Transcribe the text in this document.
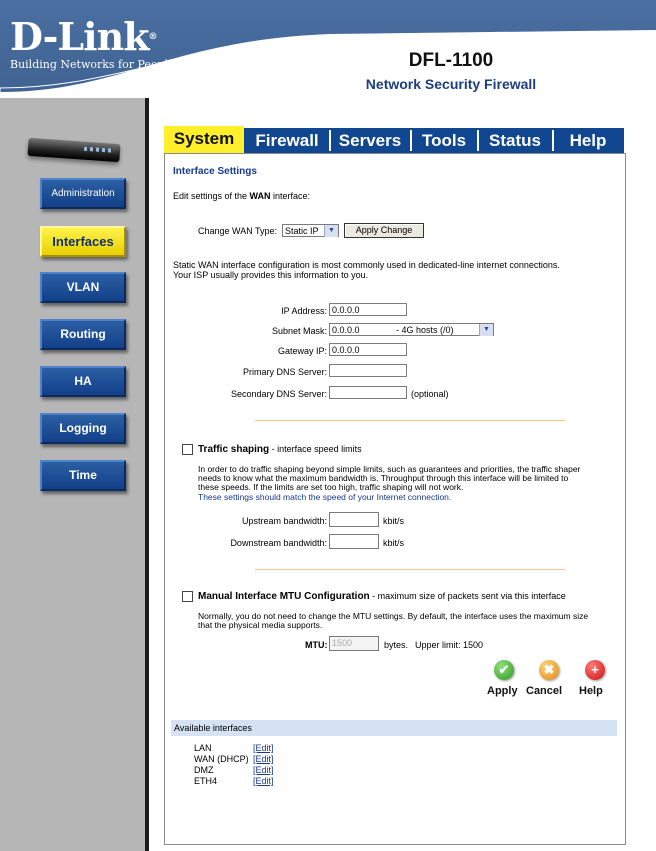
D-Link®
Building Networks for People	DFL-1100
Network Security Firewall
Administration
Interfaces
VLAN
Routing
HA
Logging
Time
System	Firewall	Servers	Tools	Status	Help
Interface Settings
Edit settings of the WAN interface:
Change WAN Type: Static IP	▼	Apply Change
Static WAN interface configuration is most commonly used in dedicated-line internet connections.
Your ISP usually provides this information to you.
IP Address: 0.0.0.0
Subnet Mask: 0.0.0.0	- 4G hosts (/0)	▼
Gateway IP: 0.0.0.0
Primary DNS Server:
Secondary DNS Server:	(optional)
Traffic shaping - interface speed limits
In order to do traffic shaping beyond simple limits, such as guarantees and priorities, the traffic shaper
needs to know what the maximum bandwidth is. Throughput through this interface will be limited to
these speeds. If the limits are set too high, traffic shaping will not work.
These settings should match the speed of your Internet connection.
Upstream bandwidth:	kbit/s
Downstream bandwidth:	kbit/s
Manual Interface MTU Configuration - maximum size of packets sent via this interface
Normally, you do not need to change the MTU settings. By default, the interface uses the maximum size
that the physical media supports.
MTU: 1500	bytes. Upper limit: 1500
✔
Apply
✖
Cancel
+
Help
Available interfaces
LAN	[Edit]
WAN (DHCP) [Edit]
DMZ	[Edit]
ETH4	[Edit]
